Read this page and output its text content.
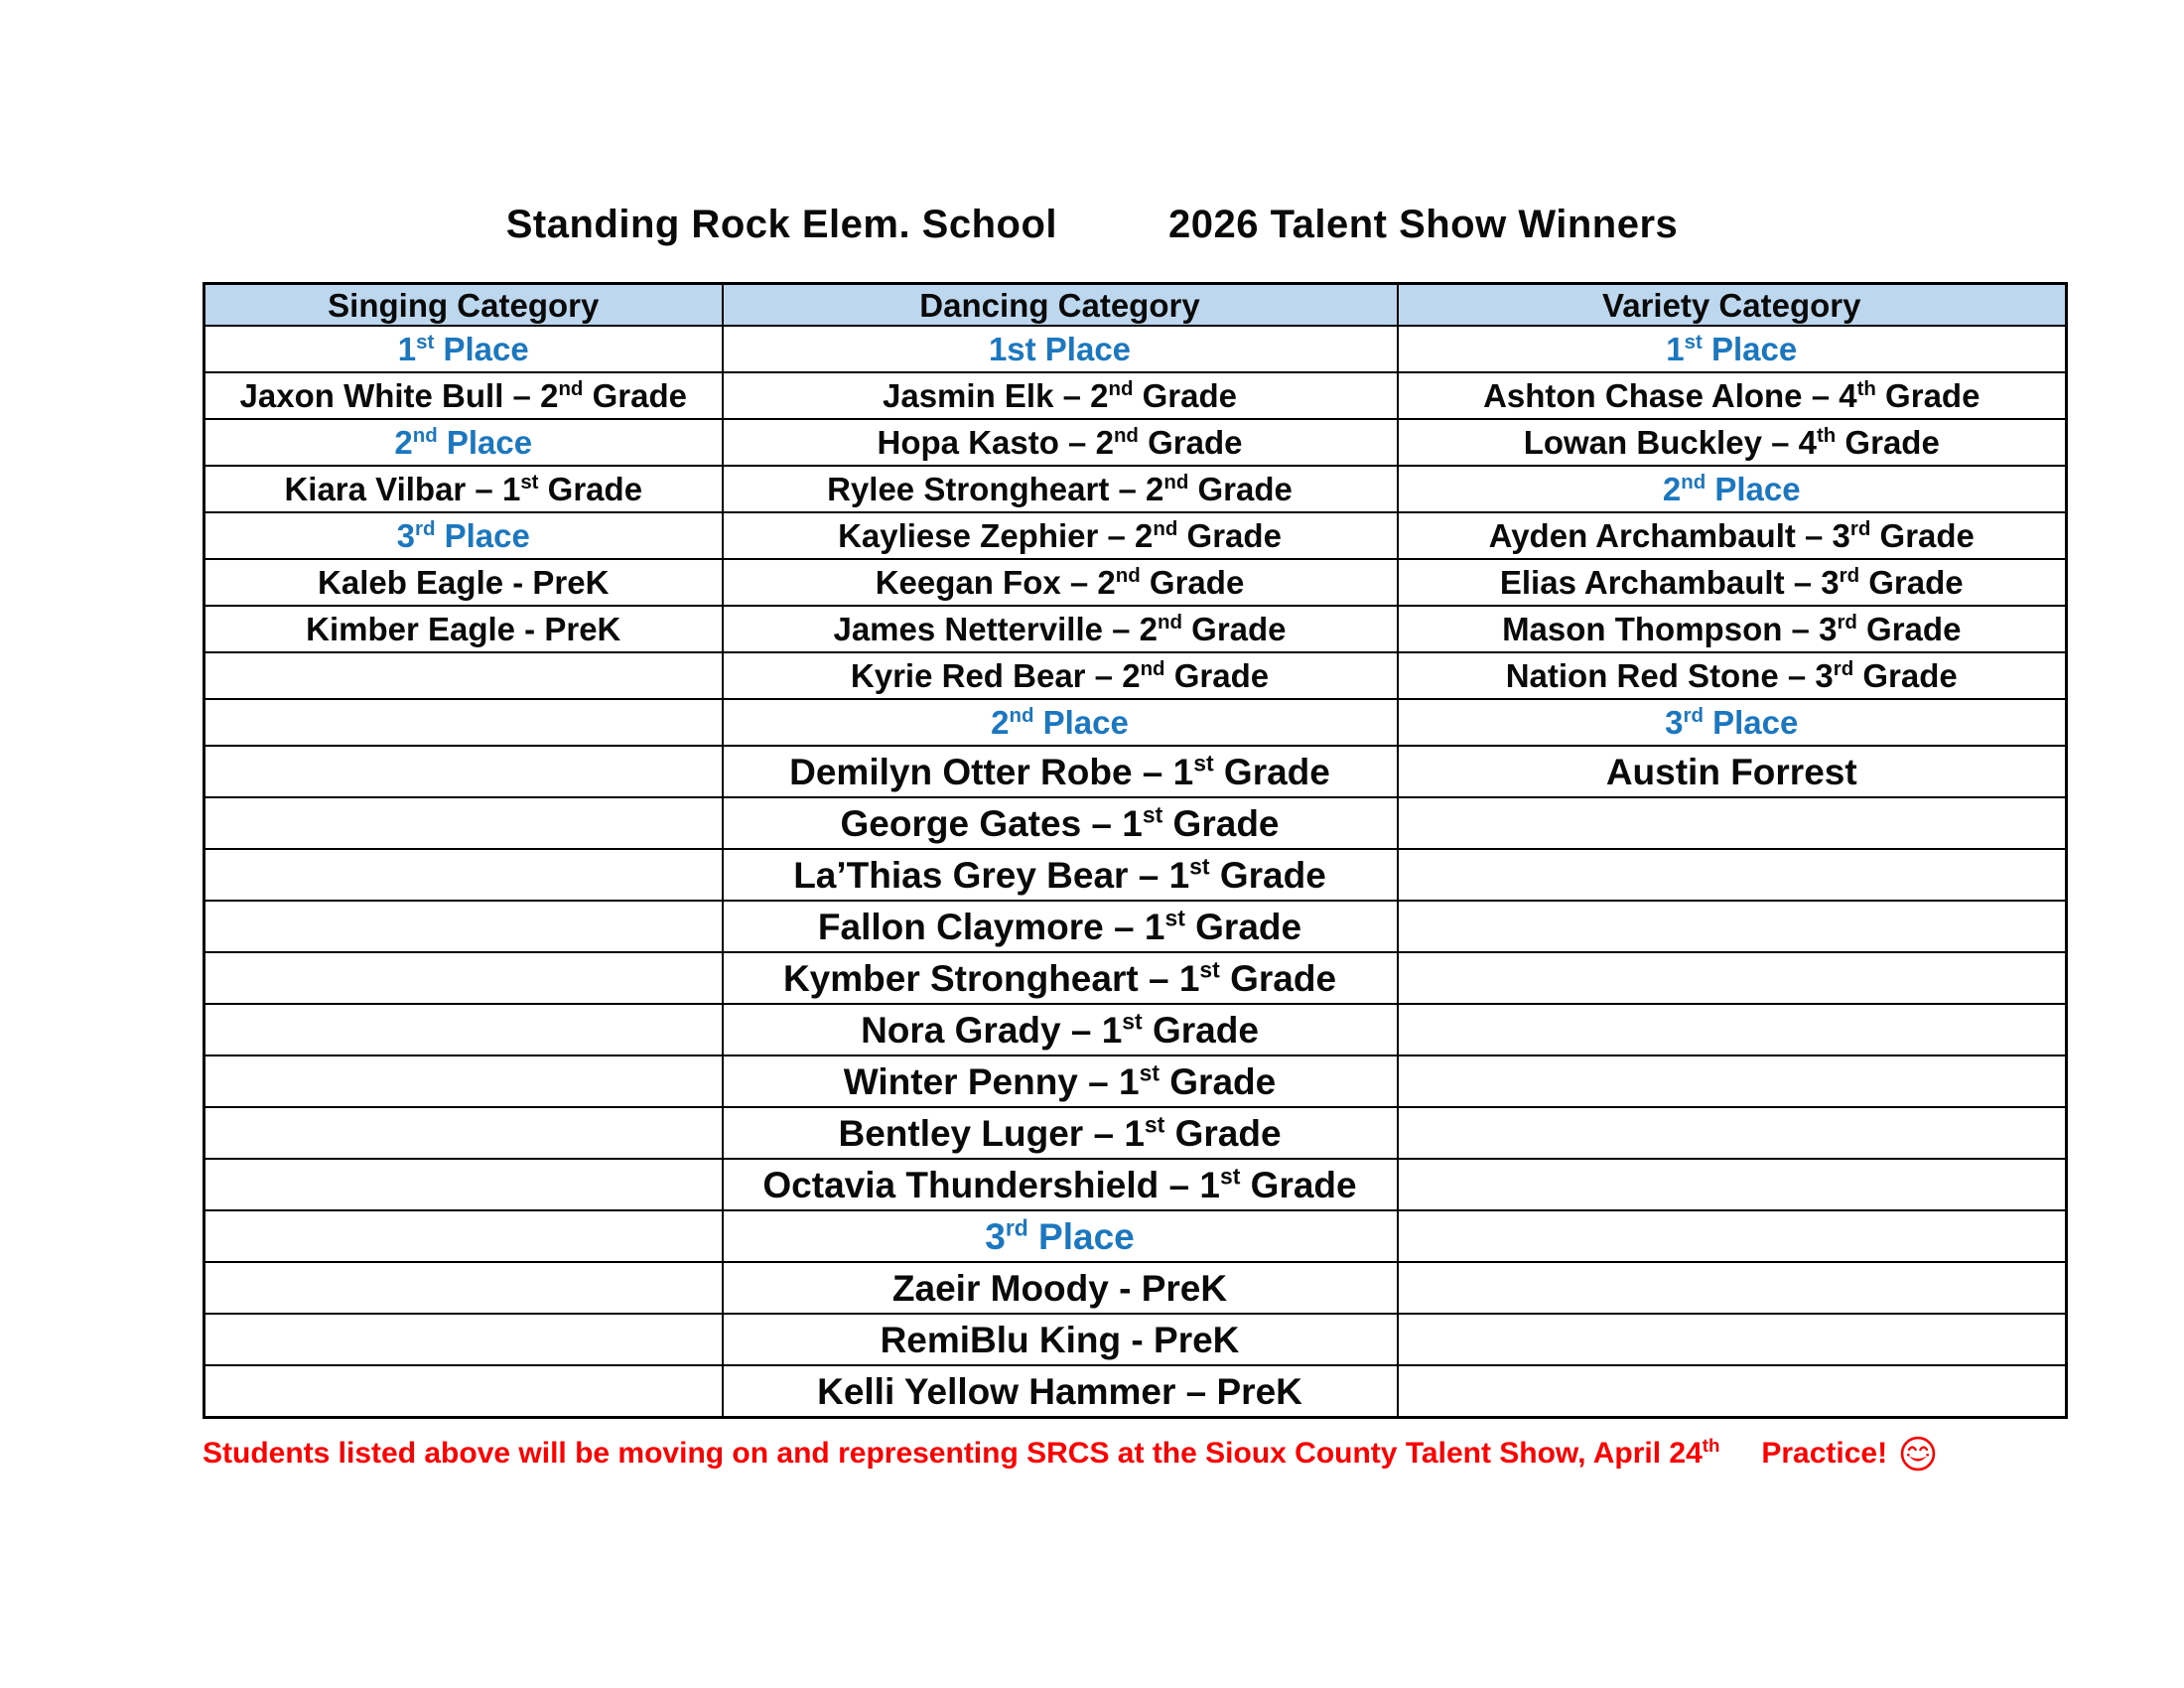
Standing Rock Elem. School	2026 Talent Show Winners
Singing Category	Dancing Category	Variety Category
1st Place	1st Place	1st Place
Jaxon White Bull – 2nd Grade	Jasmin Elk – 2nd Grade	Ashton Chase Alone – 4th Grade
2nd Place	Hopa Kasto – 2nd Grade	Lowan Buckley – 4th Grade
Kiara Vilbar – 1st Grade	Rylee Strongheart – 2nd Grade	2nd Place
3rd Place	Kayliese Zephier – 2nd Grade	Ayden Archambault – 3rd Grade
Kaleb Eagle - PreK	Keegan Fox – 2nd Grade	Elias Archambault – 3rd Grade
Kimber Eagle - PreK	James Netterville – 2nd Grade	Mason Thompson – 3rd Grade
	Kyrie Red Bear – 2nd Grade	Nation Red Stone – 3rd Grade
	2nd Place	3rd Place
	Demilyn Otter Robe – 1st Grade	Austin Forrest
	George Gates – 1st Grade	
	La’Thias Grey Bear – 1st Grade	
	Fallon Claymore – 1st Grade	
	Kymber Strongheart – 1st Grade	
	Nora Grady – 1st Grade	
	Winter Penny – 1st Grade	
	Bentley Luger – 1st Grade	
	Octavia Thundershield – 1st Grade	
	3rd Place	
	Zaeir Moody - PreK	
	RemiBlu King - PreK	
	Kelli Yellow Hammer – PreK	
Students listed above will be moving on and representing SRCS at the Sioux County Talent Show, April 24th Practice!
